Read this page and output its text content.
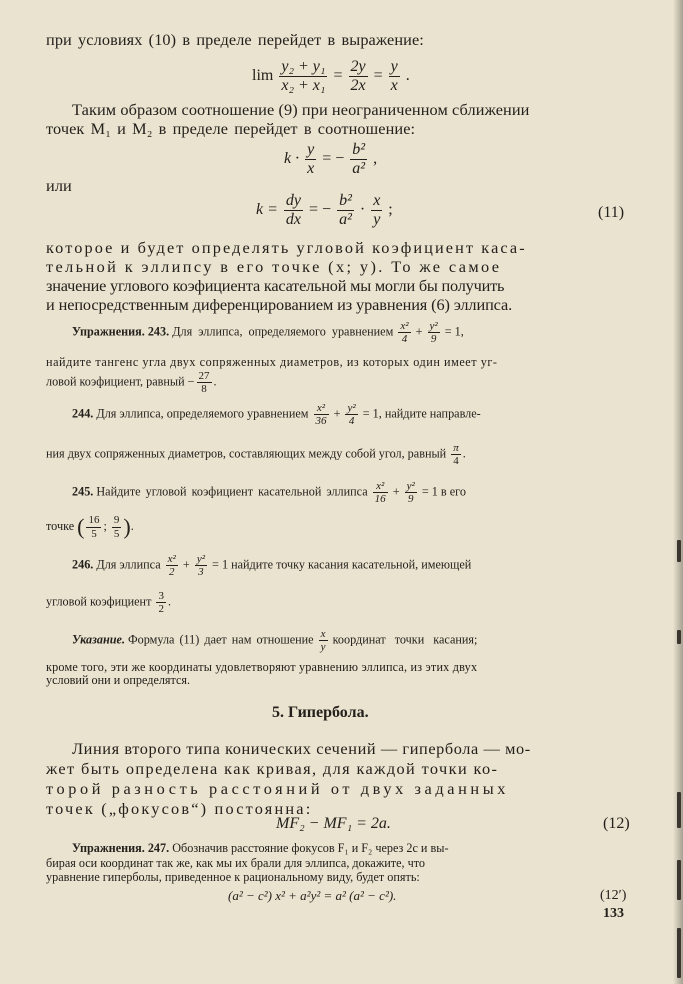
при условиях (10) в пределе перейдет в выражение:
$\lim \frac{\text{y₂ + y₁}}{\text{x₂ + x₁}} = \frac{2y}{2x} = \frac{y}{x}$ .
Таким образом соотношение (9) при неограниченном сближении
точек M₁ и M₂ в пределе перейдет в соотношение:
$k \cdot \frac{y}{x}$ = − $\frac{\text{b²}}{\text{a²}}$ ,
или
$k = \frac{dy}{dx}$ = − $\frac{\text{b²}}{\text{a²}} \cdot \frac{x}{y}$ ;	(11)
которое и будет определять угловой коэфициент каса-
тельной к эллипсу в его точке (x; y). То же самое
значение углового коэфициента касательной мы могли бы получить
и непосредственным диференцированием из уравнения (6) эллипса.
Упражнения. 243. Для эллипса, определяемого уравнением $\frac{\text{x²}}{4} + \frac{\text{y²}}{9} = 1$,
найдите тангенс угла двух сопряженных диаметров, из которых один имеет уг-
ловой коэфициент, равный − $\frac{27}{8}$ .
244. Для эллипса, определяемого уравнением $\frac{\text{x²}}{36} + \frac{\text{y²}}{4} = 1$, найдите направле-
ния двух сопряженных диаметров, составляющих между собой угол, равный $\frac{\pi}{4}$ .
245. Найдите угловой коэфициент касательной эллипса $\frac{\text{x²}}{16} + \frac{\text{y²}}{9} = 1$ в его
точке ( $\frac{16}{5}$ ; $\frac{9}{5}$ ).
246. Для эллипса $\frac{\text{x²}}{2} + \frac{\text{y²}}{3} = 1$ найдите точку касания касательной, имеющей
угловой коэфициент $\frac{3}{2}$ .
Указание. Формула (11) дает нам отношение $\frac{x}{y}$ координат точки касания;
кроме того, эти же координаты удовлетворяют уравнению эллипса, из этих двух
условий они и определятся.
5. Гипербола.
Линия второго типа конических сечений — гипербола — мо-
жет быть определена как кривая, для каждой точки ко-
торой разность расстояний от двух заданных
точек („фокусов“) постоянна:
MF₂ − MF₁ = 2a.	(12)
Упражнения. 247. Обозначив расстояние фокусов F₁ и F₂ через 2c и вы-
бирая оси координат так же, как мы их брали для эллипса, докажите, что
уравнение гиперболы, приведенное к рациональному виду, будет опять:
(a² − c²) x² + a²y² = a² (a² − c²).	(12′)
133
